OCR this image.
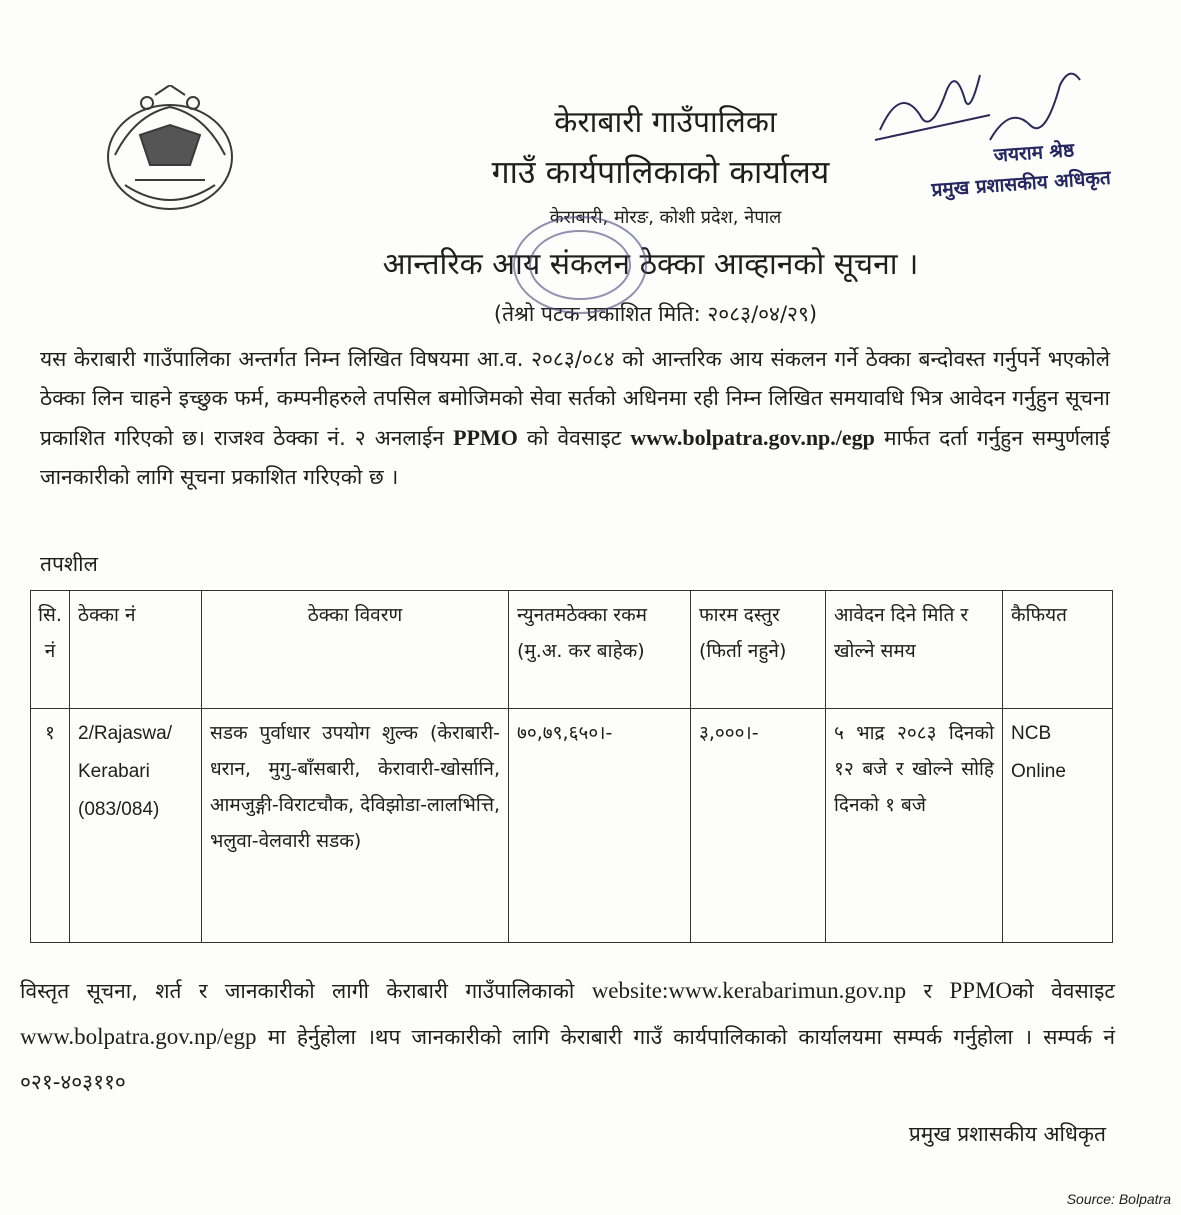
केराबारी गाउँपालिका
गाउँ कार्यपालिकाको कार्यालय
केराबारी, मोरङ, कोशी प्रदेश, नेपाल
आन्तरिक आय संकलन ठेक्का आव्हानको सूचना ।
(तेश्रो पटक प्रकाशित मिति: २०८३/०४/२९)
जयराम श्रेष्ठ
प्रमुख प्रशासकीय अधिकृत
यस केराबारी गाउँपालिका अन्तर्गत निम्न लिखित विषयमा आ.व. २०८३/०८४ को आन्तरिक आय संकलन गर्ने ठेक्का बन्दोवस्त गर्नुपर्ने भएकोले ठेक्का लिन चाहने इच्छुक फर्म, कम्पनीहरुले तपसिल बमोजिमको सेवा सर्तको अधिनमा रही निम्न लिखित समयावधि भित्र आवेदन गर्नुहुन सूचना प्रकाशित गरिएको छ। राजश्व ठेक्का नं. २ अनलाईन PPMO को वेवसाइट www.bolpatra.gov.np./egp मार्फत दर्ता गर्नुहुन सम्पुर्णलाई जानकारीको लागि सूचना प्रकाशित गरिएको छ ।
तपशील
सि. नं	ठेक्का नं	ठेक्का विवरण	न्युनतमठेक्का रकम (मु.अ. कर बाहेक)	फारम दस्तुर (फिर्ता नहुने)	आवेदन दिने मिति र खोल्ने समय	कैफियत
१	2/Rajaswa/ Kerabari (083/084)	सडक पुर्वाधार उपयोग शुल्क (केराबारी-धरान, मुगु-बाँसबारी, केरावारी-खोर्सानि, आमजुङ्गी-विराटचौक, देविझोडा-लालभित्ति, भलुवा-वेलवारी सडक)	७०,७९,६५०।-	३,०००।-	५ भाद्र २०८३ दिनको १२ बजे र खोल्ने सोहि दिनको १ बजे	NCB Online
विस्तृत सूचना, शर्त र जानकारीको लागी केराबारी गाउँपालिकाको website:www.kerabarimun.gov.np र PPMOको वेवसाइट www.bolpatra.gov.np/egp मा हेर्नुहोला ।थप जानकारीको लागि केराबारी गाउँ कार्यपालिकाको कार्यालयमा सम्पर्क गर्नुहोला । सम्पर्क नं ०२१-४०३११०
प्रमुख प्रशासकीय अधिकृत
Source: Bolpatra
